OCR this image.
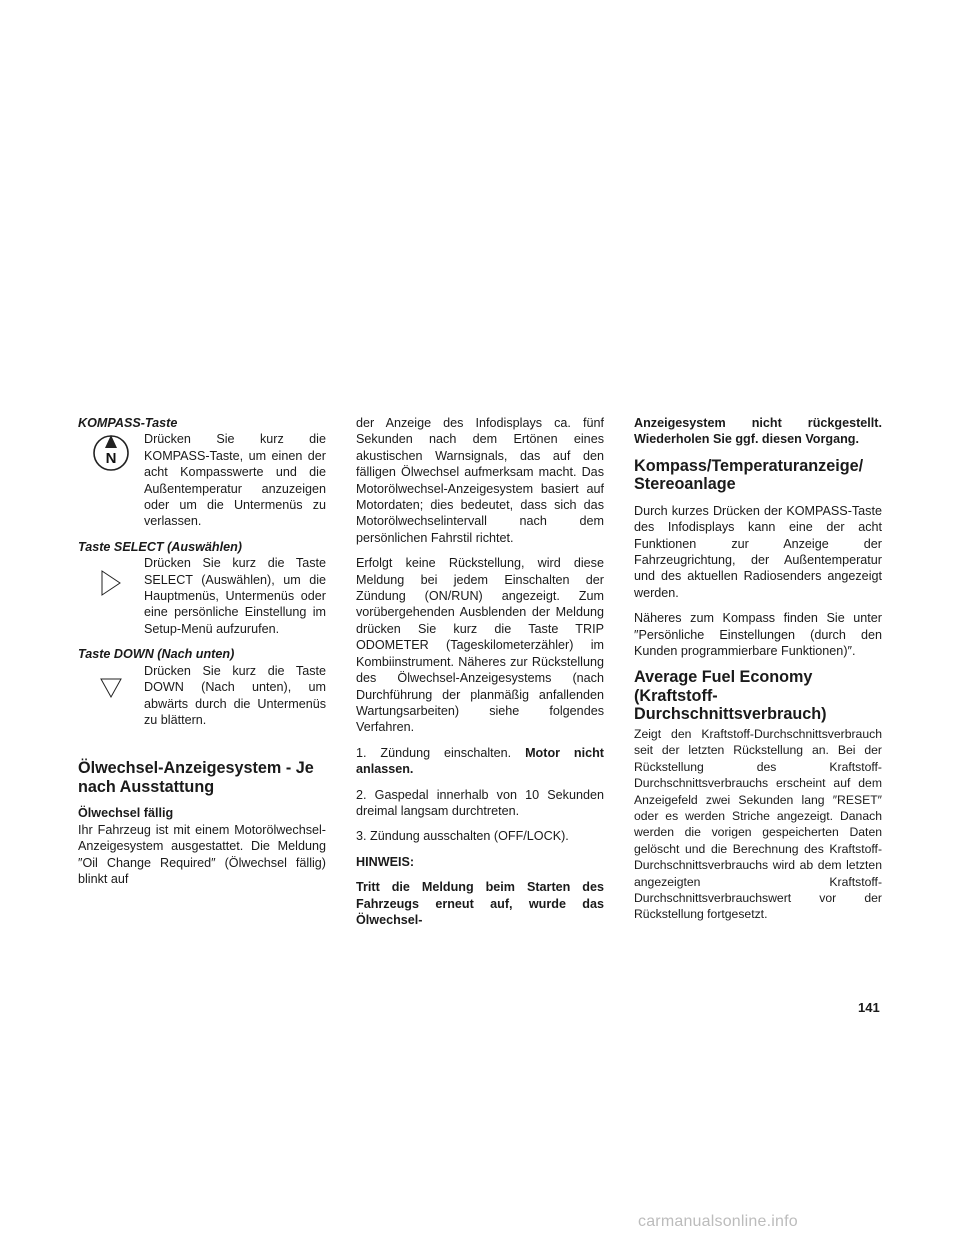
KOMPASS-Taste
N
Drücken Sie kurz die KOMPASS-Taste, um einen der acht Kompasswerte und die Außentemperatur anzuzeigen oder um die Untermenüs zu verlassen.
Taste SELECT (Auswählen)
Drücken Sie kurz die Taste SELECT (Auswählen), um die Hauptmenüs, Untermenüs oder eine persönliche Einstellung im Setup-Menü aufzurufen.
Taste DOWN (Nach unten)
Drücken Sie kurz die Taste DOWN (Nach unten), um abwärts durch die Untermenüs zu blättern.
Ölwechsel-Anzeigesystem - Je nach Ausstattung
Ölwechsel fällig

Ihr Fahrzeug ist mit einem Motorölwechsel-Anzeigesystem ausgestattet. Die Meldung ″Oil Change Required″ (Ölwechsel fällig) blinkt auf

der Anzeige des Infodisplays ca. fünf Sekunden nach dem Ertönen eines akustischen Warnsignals, das auf den fälligen Ölwechsel aufmerksam macht. Das Motorölwechsel-Anzeigesystem basiert auf Motordaten; dies bedeutet, dass sich das Motorölwechselintervall nach dem persönlichen Fahrstil richtet.

Erfolgt keine Rückstellung, wird diese Meldung bei jedem Einschalten der Zündung (ON/RUN) angezeigt. Zum vorübergehenden Ausblenden der Meldung drücken Sie kurz die Taste TRIP ODOMETER (Tageskilometerzähler) im Kombiinstrument. Näheres zur Rückstellung des Ölwechsel-Anzeigesystems (nach Durchführung der planmäßig anfallenden Wartungsarbeiten) siehe folgendes Verfahren.

1. Zündung einschalten. Motor nicht anlassen.

2. Gaspedal innerhalb von 10 Sekunden dreimal langsam durchtreten.

3. Zündung ausschalten (OFF/LOCK).

HINWEIS:

Tritt die Meldung beim Starten des Fahrzeugs erneut auf, wurde das Ölwechsel-

Anzeigesystem nicht rückgestellt. Wiederholen Sie ggf. diesen Vorgang.

Kompass/Temperaturanzeige/ Stereoanlage

Durch kurzes Drücken der KOMPASS-Taste des Infodisplays kann eine der acht Funktionen zur Anzeige der Fahrzeugrichtung, der Außentemperatur und des aktuellen Radiosenders angezeigt werden.

Näheres zum Kompass finden Sie unter ″Persönliche Einstellungen (durch den Kunden programmierbare Funktionen)″.

Average Fuel Economy (Kraftstoff-Durchschnittsverbrauch)

Zeigt den Kraftstoff-Durchschnittsverbrauch seit der letzten Rückstellung an. Bei der Rückstellung des Kraftstoff-Durchschnittsverbrauchs erscheint auf dem Anzeigefeld zwei Sekunden lang ″RESET″ oder es werden Striche angezeigt. Danach werden die vorigen gespeicherten Daten gelöscht und die Berechnung des Kraftstoff-Durchschnittsverbrauchs wird ab dem letzten angezeigten Kraftstoff-Durchschnittsverbrauchswert vor der Rückstellung fortgesetzt.

141
carmanualsonline.info
